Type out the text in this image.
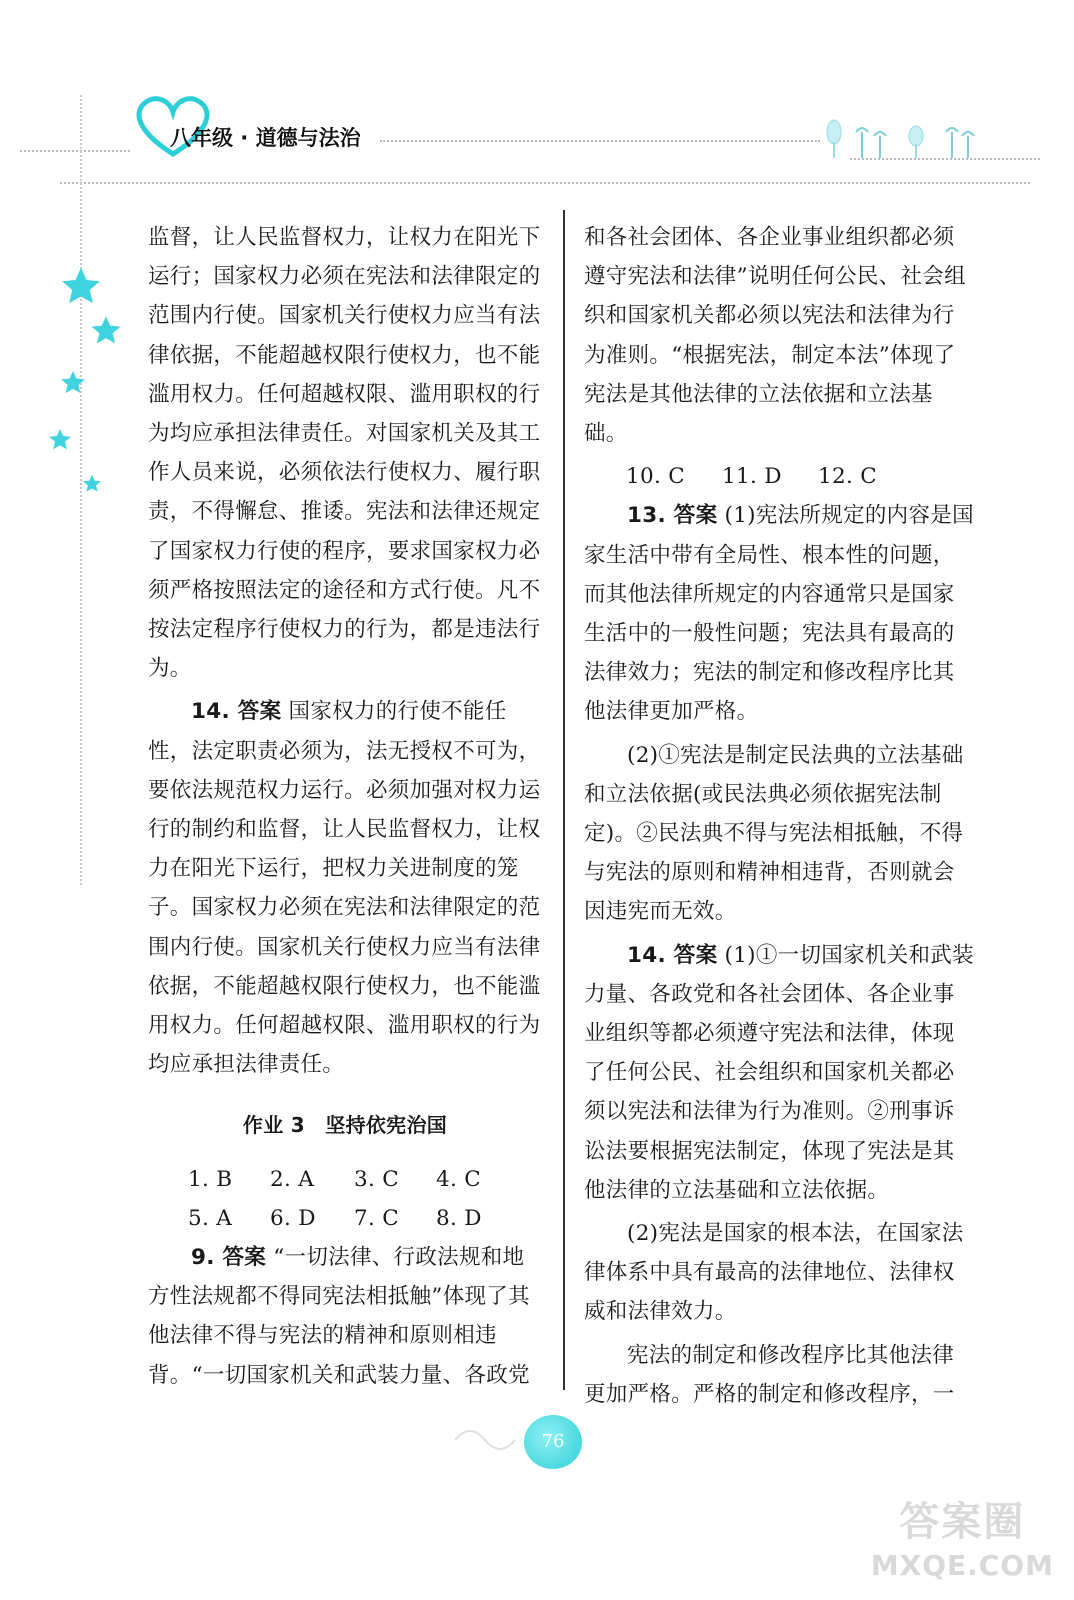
八年级 · 道德与法治

监督，让人民监督权力，让权力在阳光下运行；国家权力必须在宪法和法律限定的范围内行使。国家机关行使权力应当有法律依据，不能超越权限行使权力，也不能滥用权力。任何超越权限、滥用职权的行为均应承担法律责任。对国家机关及其工作人员来说，必须依法行使权力、履行职责，不得懈怠、推诿。宪法和法律还规定了国家权力行使的程序，要求国家权力必须严格按照法定的途径和方式行使。凡不按法定程序行使权力的行为，都是违法行为。

14. 答案 国家权力的行使不能任性，法定职责必须为，法无授权不可为，要依法规范权力运行。必须加强对权力运行的制约和监督，让人民监督权力，让权力在阳光下运行，把权力关进制度的笼子。国家权力必须在宪法和法律限定的范围内行使。国家机关行使权力应当有法律依据，不能超越权限行使权力，也不能滥用权力。任何超越权限、滥用职权的行为均应承担法律责任。

作业 3　坚持依宪治国

1. B	2. A	3. C	4. C
5. A	6. D	7. C	8. D

9. 答案 “一切法律、行政法规和地方性法规都不得同宪法相抵触”体现了其他法律不得与宪法的精神和原则相违背。“一切国家机关和武装力量、各政党

和各社会团体、各企业事业组织都必须遵守宪法和法律”说明任何公民、社会组织和国家机关都必须以宪法和法律为行为准则。“根据宪法，制定本法”体现了宪法是其他法律的立法依据和立法基础。

10. C	11. D	12. C

13. 答案 (1)宪法所规定的内容是国家生活中带有全局性、根本性的问题，而其他法律所规定的内容通常只是国家生活中的一般性问题；宪法具有最高的法律效力；宪法的制定和修改程序比其他法律更加严格。

(2)①宪法是制定民法典的立法基础和立法依据(或民法典必须依据宪法制定)。②民法典不得与宪法相抵触，不得与宪法的原则和精神相违背，否则就会因违宪而无效。

14. 答案 (1)①一切国家机关和武装力量、各政党和各社会团体、各企业事业组织等都必须遵守宪法和法律，体现了任何公民、社会组织和国家机关都必须以宪法和法律为行为准则。②刑事诉讼法要根据宪法制定，体现了宪法是其他法律的立法基础和立法依据。

(2)宪法是国家的根本法，在国家法律体系中具有最高的法律地位、法律权威和法律效力。

宪法的制定和修改程序比其他法律更加严格。严格的制定和修改程序，一

76
答案圈
MXQE.COM
